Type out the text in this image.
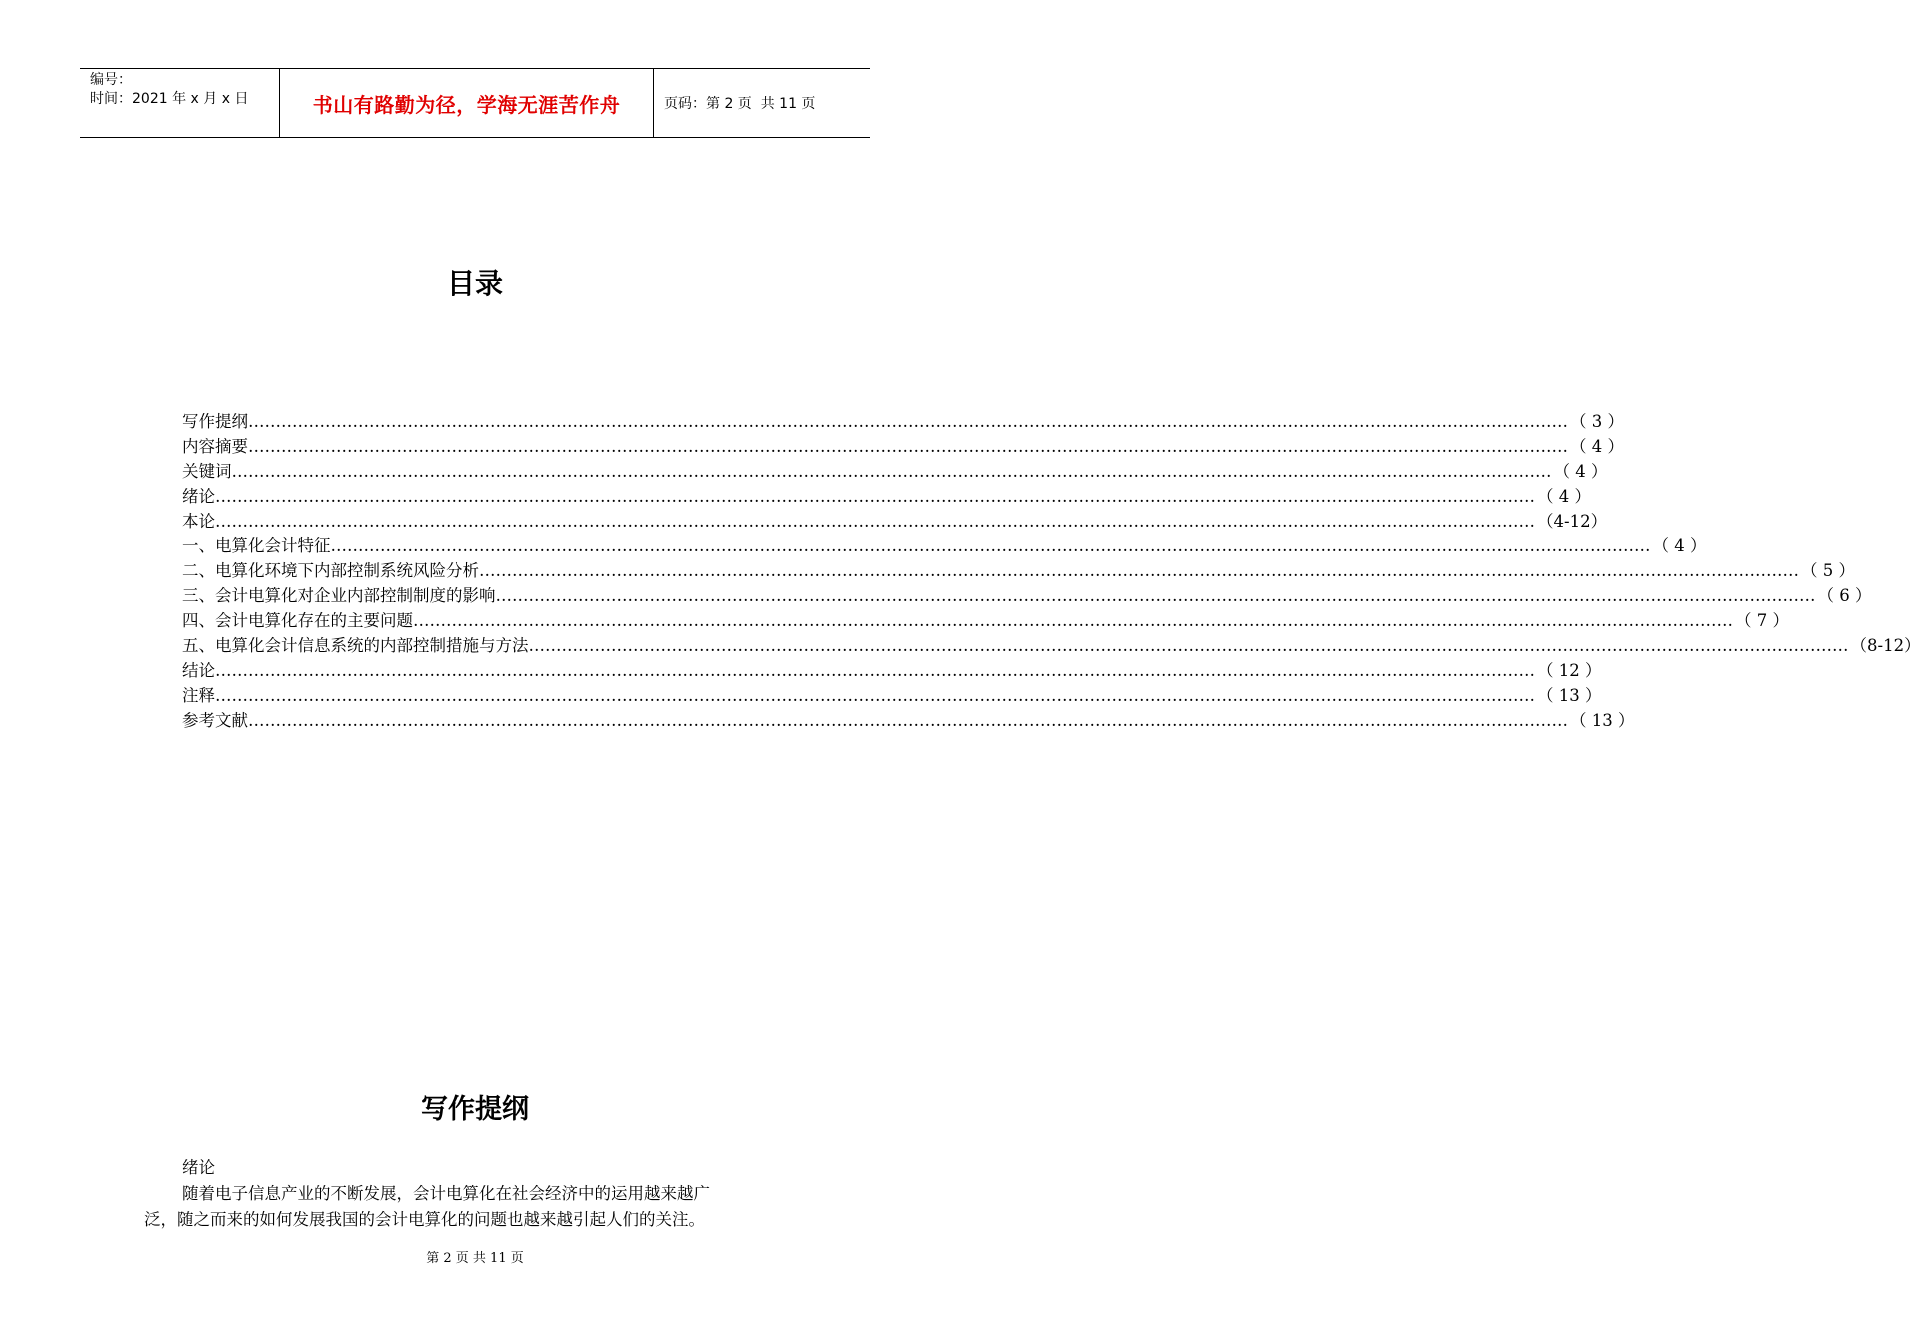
编号：
时间：2021 年 x 月 x 日	书山有路勤为径，学海无涯苦作舟	页码：第 2 页  共 11 页
目录
写作提纲 …………………………………………………………………………………………………………………………………………………………………………………………………………………… （ 3 ）
内容摘要 …………………………………………………………………………………………………………………………………………………………………………………………………………………… （ 4 ）
关键词 …………………………………………………………………………………………………………………………………………………………………………………………………………………… （ 4 ）
绪论 …………………………………………………………………………………………………………………………………………………………………………………………………………………… （ 4 ）
本论 …………………………………………………………………………………………………………………………………………………………………………………………………………………… （4-12）
一、电算化会计特征 …………………………………………………………………………………………………………………………………………………………………………………………………………………… （ 4 ）
二、电算化环境下内部控制系统风险分析 …………………………………………………………………………………………………………………………………………………………………………………………………………………… （ 5 ）
三、会计电算化对企业内部控制制度的影响 …………………………………………………………………………………………………………………………………………………………………………………………………………………… （ 6 ）
四、会计电算化存在的主要问题 …………………………………………………………………………………………………………………………………………………………………………………………………………………… （ 7 ）
五、电算化会计信息系统的内部控制措施与方法 …………………………………………………………………………………………………………………………………………………………………………………………………………………… （8-12）
结论 …………………………………………………………………………………………………………………………………………………………………………………………………………………… （ 12 ）
注释 …………………………………………………………………………………………………………………………………………………………………………………………………………………… （ 13 ）
参考文献 …………………………………………………………………………………………………………………………………………………………………………………………………………………… （ 13 ）
写作提纲
绪论
随着电子信息产业的不断发展，会计电算化在社会经济中的运用越来越广
泛，随之而来的如何发展我国的会计电算化的问题也越来越引起人们的关注。
第 2 页 共 11 页
